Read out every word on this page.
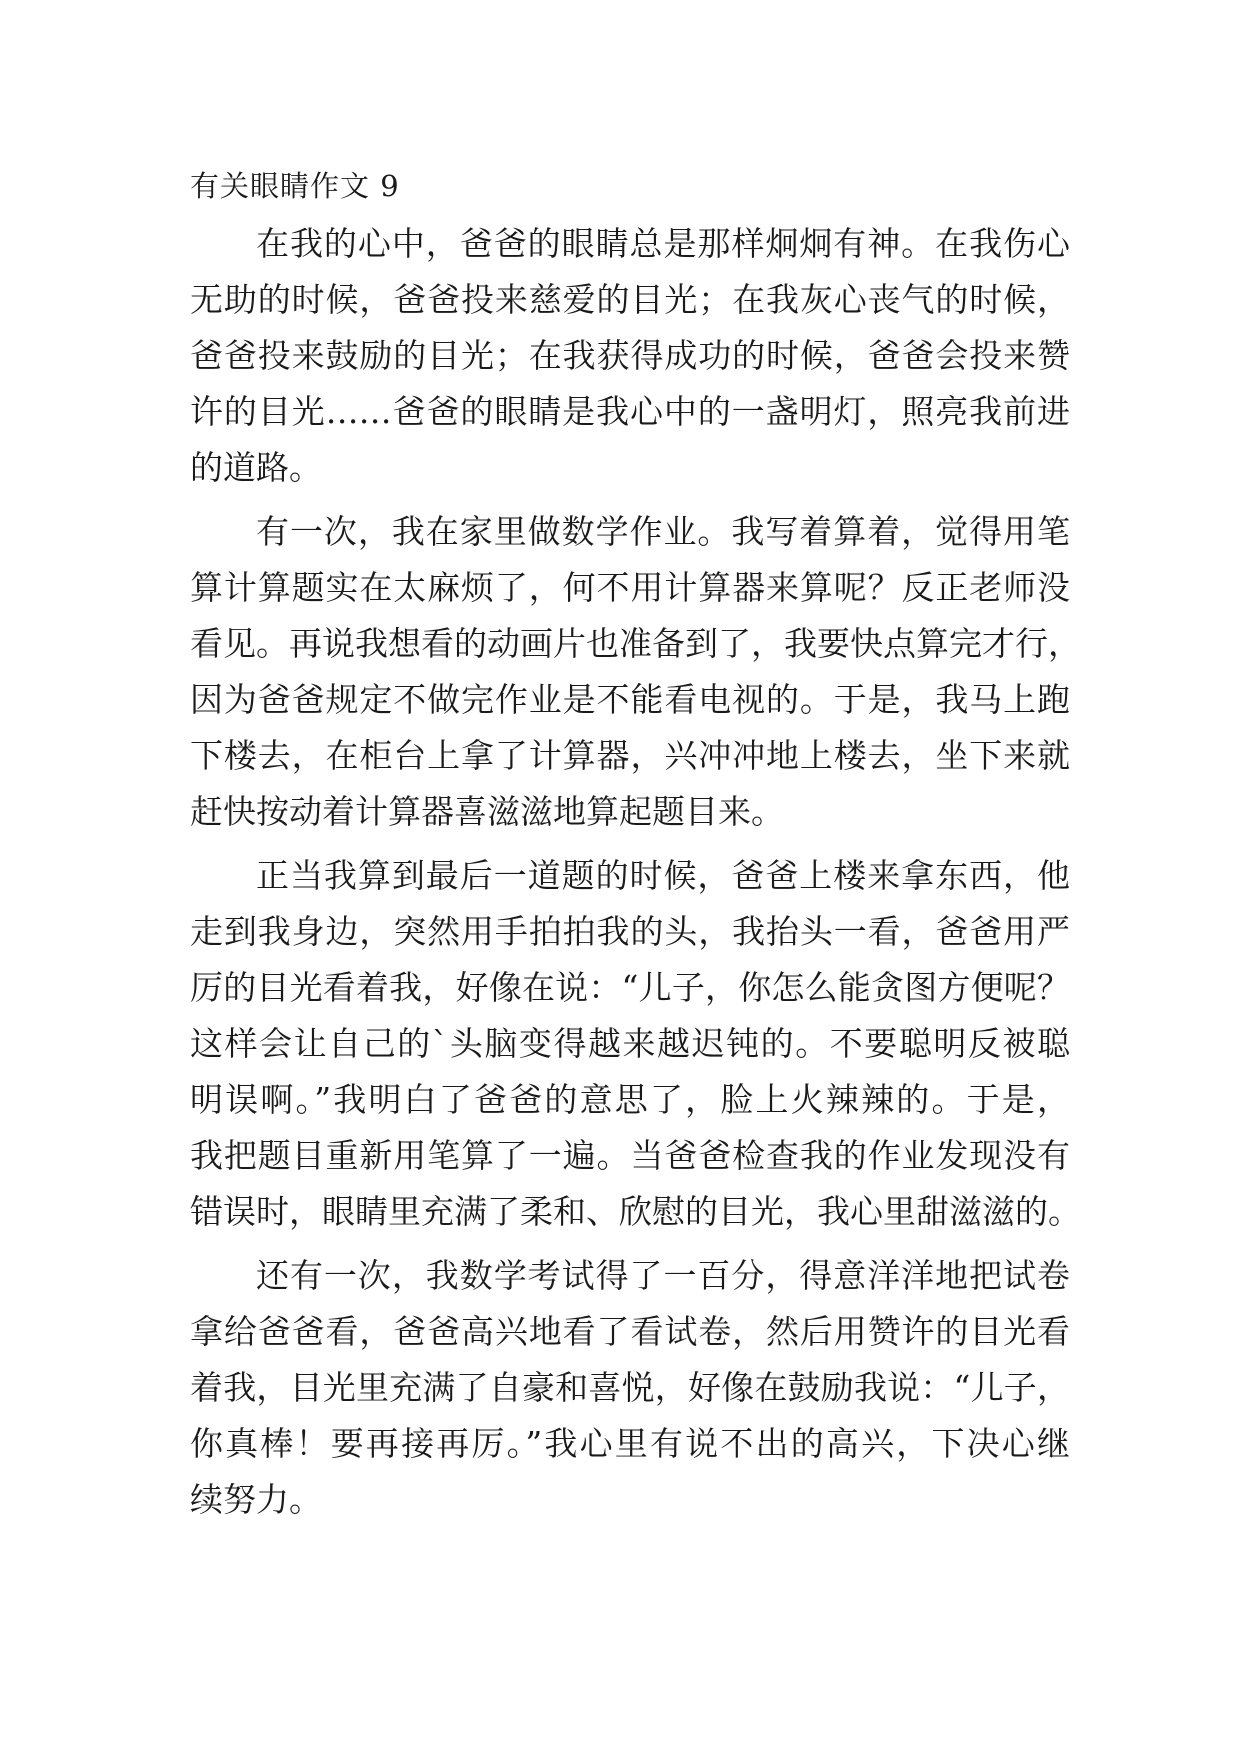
有关眼睛作文 9
在我的心中，爸爸的眼睛总是那样炯炯有神。在我伤心
无助的时候，爸爸投来慈爱的目光；在我灰心丧气的时候，
爸爸投来鼓励的目光；在我获得成功的时候，爸爸会投来赞
许的目光……爸爸的眼睛是我心中的一盏明灯，照亮我前进
的道路。
有一次，我在家里做数学作业。我写着算着，觉得用笔
算计算题实在太麻烦了，何不用计算器来算呢？反正老师没
看见。再说我想看的动画片也准备到了，我要快点算完才行，
因为爸爸规定不做完作业是不能看电视的。于是，我马上跑
下楼去，在柜台上拿了计算器，兴冲冲地上楼去，坐下来就
赶快按动着计算器喜滋滋地算起题目来。
正当我算到最后一道题的时候，爸爸上楼来拿东西，他
走到我身边，突然用手拍拍我的头，我抬头一看，爸爸用严
厉的目光看着我，好像在说：“儿子，你怎么能贪图方便呢？
这样会让自己的`头脑变得越来越迟钝的。不要聪明反被聪
明误啊。”我明白了爸爸的意思了，脸上火辣辣的。于是，
我把题目重新用笔算了一遍。当爸爸检查我的作业发现没有
错误时，眼睛里充满了柔和、欣慰的目光，我心里甜滋滋的。
还有一次，我数学考试得了一百分，得意洋洋地把试卷
拿给爸爸看，爸爸高兴地看了看试卷，然后用赞许的目光看
着我，目光里充满了自豪和喜悦，好像在鼓励我说：“儿子，
你真棒！要再接再厉。”我心里有说不出的高兴，下决心继
续努力。
